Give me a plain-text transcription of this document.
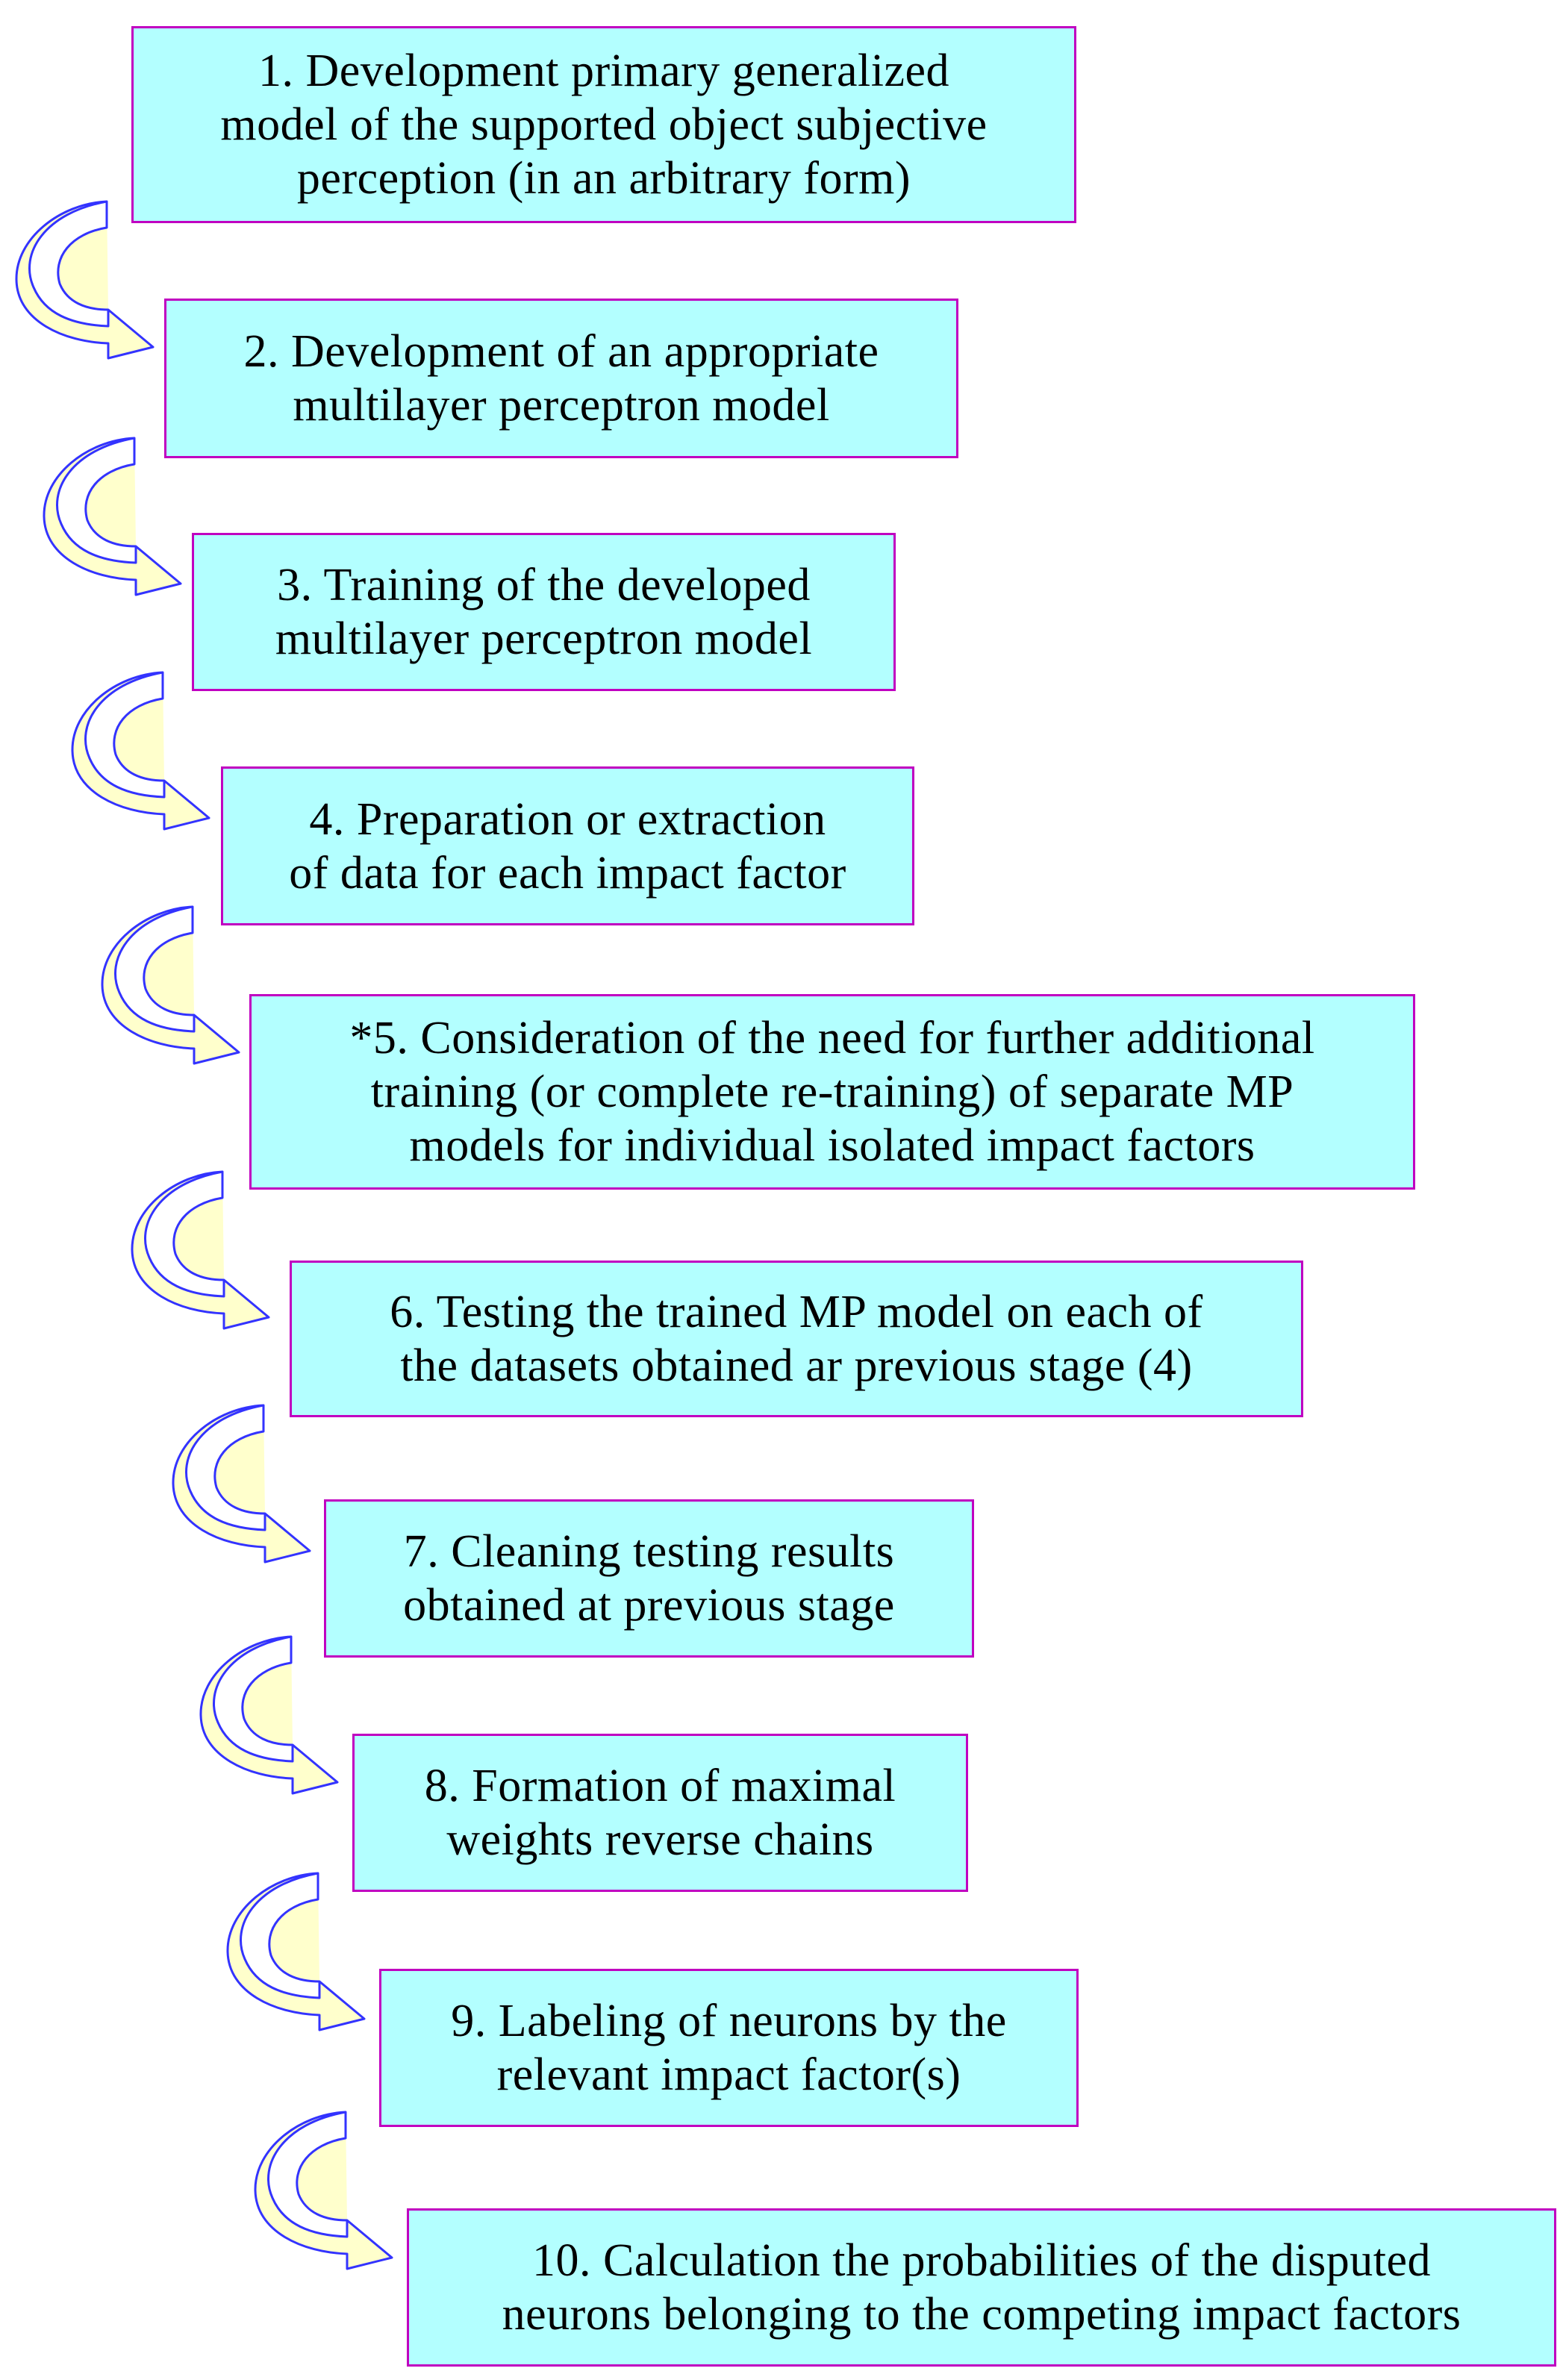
1. Development primary generalized
model of the supported object subjective
perception (in an arbitrary form)
2. Development of an appropriate
multilayer perceptron model
3. Training of the developed
multilayer perceptron model
4. Preparation or extraction
of data for each impact factor
*5. Consideration of the need for further additional
training (or complete re-training) of separate MP
models for individual isolated impact factors
6. Testing the trained MP model on each of
the datasets obtained ar previous stage (4)
7. Cleaning testing results
obtained at previous stage
8. Formation of maximal
weights reverse chains
9. Labeling of neurons by the
relevant impact factor(s)
10. Calculation the probabilities of the disputed
neurons belonging to the competing impact factors
